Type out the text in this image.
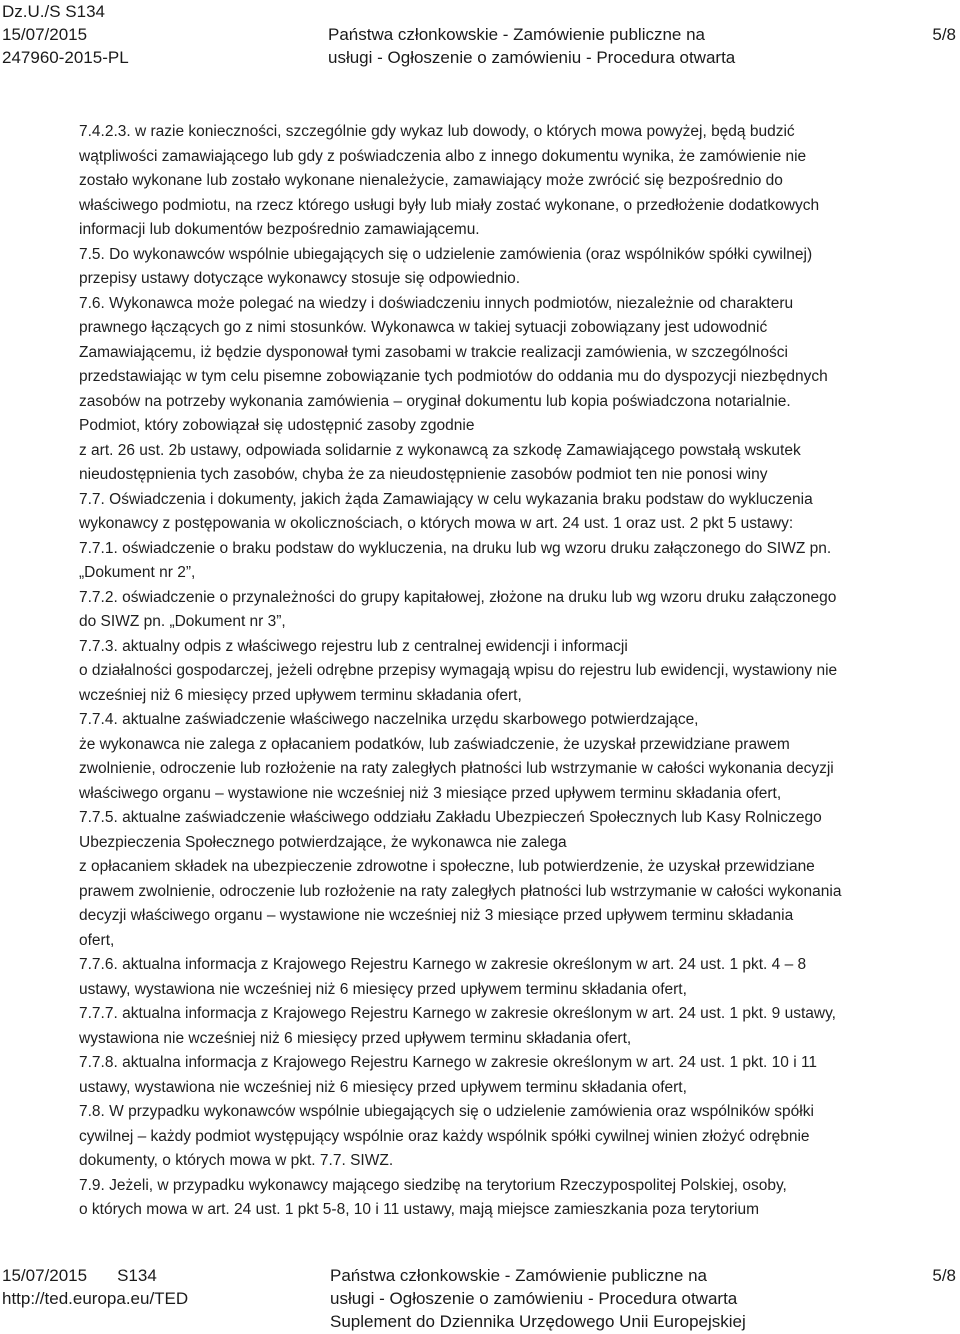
Dz.U./S S134
15/07/2015
247960-2015-PL
Państwa członkowskie - Zamówienie publiczne na
usługi - Ogłoszenie o zamówieniu - Procedura otwarta
5/8
7.4.2.3. w razie konieczności, szczególnie gdy wykaz lub dowody, o których mowa powyżej, będą budzić
wątpliwości zamawiającego lub gdy z poświadczenia albo z innego dokumentu wynika, że zamówienie nie
zostało wykonane lub zostało wykonane nienależycie, zamawiający może zwrócić się bezpośrednio do
właściwego podmiotu, na rzecz którego usługi były lub miały zostać wykonane, o przedłożenie dodatkowych
informacji lub dokumentów bezpośrednio zamawiającemu.
7.5. Do wykonawców wspólnie ubiegających się o udzielenie zamówienia (oraz wspólników spółki cywilnej)
przepisy ustawy dotyczące wykonawcy stosuje się odpowiednio.
7.6. Wykonawca może polegać na wiedzy i doświadczeniu innych podmiotów, niezależnie od charakteru
prawnego łączących go z nimi stosunków. Wykonawca w takiej sytuacji zobowiązany jest udowodnić
Zamawiającemu, iż będzie dysponował tymi zasobami w trakcie realizacji zamówienia, w szczególności
przedstawiając w tym celu pisemne zobowiązanie tych podmiotów do oddania mu do dyspozycji niezbędnych
zasobów na potrzeby wykonania zamówienia – oryginał dokumentu lub kopia poświadczona notarialnie.
Podmiot, który zobowiązał się udostępnić zasoby zgodnie
z art. 26 ust. 2b ustawy, odpowiada solidarnie z wykonawcą za szkodę Zamawiającego powstałą wskutek
nieudostępnienia tych zasobów, chyba że za nieudostępnienie zasobów podmiot ten nie ponosi winy
7.7. Oświadczenia i dokumenty, jakich żąda Zamawiający w celu wykazania braku podstaw do wykluczenia
wykonawcy z postępowania w okolicznościach, o których mowa w art. 24 ust. 1 oraz ust. 2 pkt 5 ustawy:
7.7.1. oświadczenie o braku podstaw do wykluczenia, na druku lub wg wzoru druku załączonego do SIWZ pn.
„Dokument nr 2”,
7.7.2. oświadczenie o przynależności do grupy kapitałowej, złożone na druku lub wg wzoru druku załączonego
do SIWZ pn. „Dokument nr 3”,
7.7.3. aktualny odpis z właściwego rejestru lub z centralnej ewidencji i informacji
o działalności gospodarczej, jeżeli odrębne przepisy wymagają wpisu do rejestru lub ewidencji, wystawiony nie
wcześniej niż 6 miesięcy przed upływem terminu składania ofert,
7.7.4. aktualne zaświadczenie właściwego naczelnika urzędu skarbowego potwierdzające,
że wykonawca nie zalega z opłacaniem podatków, lub zaświadczenie, że uzyskał przewidziane prawem
zwolnienie, odroczenie lub rozłożenie na raty zaległych płatności lub wstrzymanie w całości wykonania decyzji
właściwego organu – wystawione nie wcześniej niż 3 miesiące przed upływem terminu składania ofert,
7.7.5. aktualne zaświadczenie właściwego oddziału Zakładu Ubezpieczeń Społecznych lub Kasy Rolniczego
Ubezpieczenia Społecznego potwierdzające, że wykonawca nie zalega
z opłacaniem składek na ubezpieczenie zdrowotne i społeczne, lub potwierdzenie, że uzyskał przewidziane
prawem zwolnienie, odroczenie lub rozłożenie na raty zaległych płatności lub wstrzymanie w całości wykonania
decyzji właściwego organu – wystawione nie wcześniej niż 3 miesiące przed upływem terminu składania
ofert,
7.7.6. aktualna informacja z Krajowego Rejestru Karnego w zakresie określonym w art. 24 ust. 1 pkt. 4 – 8
ustawy, wystawiona nie wcześniej niż 6 miesięcy przed upływem terminu składania ofert,
7.7.7. aktualna informacja z Krajowego Rejestru Karnego w zakresie określonym w art. 24 ust. 1 pkt. 9 ustawy,
wystawiona nie wcześniej niż 6 miesięcy przed upływem terminu składania ofert,
7.7.8. aktualna informacja z Krajowego Rejestru Karnego w zakresie określonym w art. 24 ust. 1 pkt. 10 i 11
ustawy, wystawiona nie wcześniej niż 6 miesięcy przed upływem terminu składania ofert,
7.8. W przypadku wykonawców wspólnie ubiegających się o udzielenie zamówienia oraz wspólników spółki
cywilnej – każdy podmiot występujący wspólnie oraz każdy wspólnik spółki cywilnej winien złożyć odrębnie
dokumenty, o których mowa w pkt. 7.7. SIWZ.
7.9. Jeżeli, w przypadku wykonawcy mającego siedzibę na terytorium Rzeczypospolitej Polskiej, osoby,
o których mowa w art. 24 ust. 1 pkt 5-8, 10 i 11 ustawy, mają miejsce zamieszkania poza terytorium
15/07/2015 S134
http://ted.europa.eu/TED
Państwa członkowskie - Zamówienie publiczne na
usługi - Ogłoszenie o zamówieniu - Procedura otwarta
Suplement do Dziennika Urzędowego Unii Europejskiej
5/8
